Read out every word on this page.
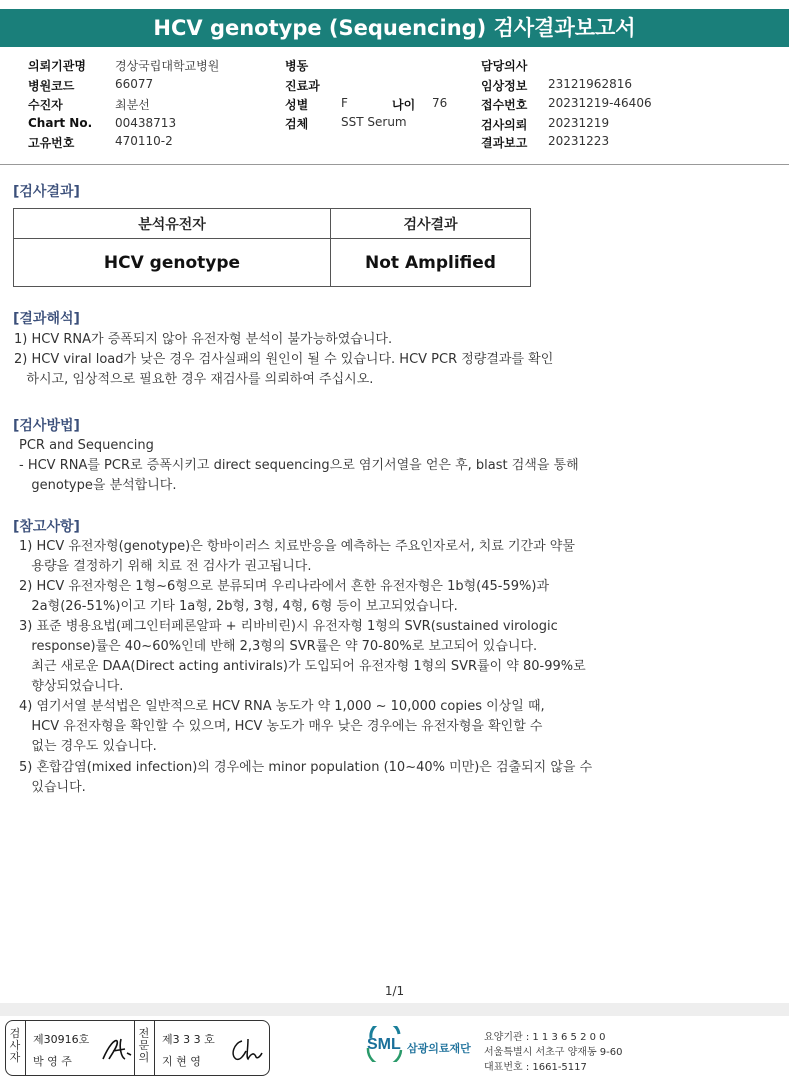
HCV genotype (Sequencing) 검사결과보고서
의뢰기관명 경상국립대학교병원
병원코드	66077
수진자	최분선
Chart No. 00438713
고유번호	470110-2
병동
진료과
성별	F	나이 76
검체	SST Serum
담당의사
임상정보 23121962816
접수번호 20231219-46406
검사의뢰 20231219
결과보고 20231223
[검사결과]
분석유전자	검사결과
HCV genotype	Not Amplified
[결과해석]
1) HCV RNA가 증폭되지 않아 유전자형 분석이 불가능하였습니다.
2) HCV viral load가 낮은 경우 검사실패의 원인이 될 수 있습니다. HCV PCR 정량결과를 확인
하시고, 임상적으로 필요한 경우 재검사를 의뢰하여 주십시오.
[검사방법]
PCR and Sequencing
- HCV RNA를 PCR로 증폭시키고 direct sequencing으로 염기서열을 얻은 후, blast 검색을 통해
genotype을 분석합니다.
[참고사항]
1) HCV 유전자형(genotype)은 항바이러스 치료반응을 예측하는 주요인자로서, 치료 기간과 약물
용량을 결정하기 위해 치료 전 검사가 권고됩니다.
2) HCV 유전자형은 1형~6형으로 분류되며 우리나라에서 흔한 유전자형은 1b형(45-59%)과
2a형(26-51%)이고 기타 1a형, 2b형, 3형, 4형, 6형 등이 보고되었습니다.
3) 표준 병용요법(페그인터페론알파 + 리바비린)시 유전자형 1형의 SVR(sustained virologic
response)률은 40~60%인데 반해 2,3형의 SVR률은 약 70-80%로 보고되어 있습니다.
최근 새로운 DAA(Direct acting antivirals)가 도입되어 유전자형 1형의 SVR률이 약 80-99%로
향상되었습니다.
4) 염기서열 분석법은 일반적으로 HCV RNA 농도가 약 1,000 ~ 10,000 copies 이상일 때,
HCV 유전자형을 확인할 수 있으며, HCV 농도가 매우 낮은 경우에는 유전자형을 확인할 수
없는 경우도 있습니다.
5) 혼합감염(mixed infection)의 경우에는 minor population (10~40% 미만)은 검출되지 않을 수
있습니다.
1/1
검사자
제30916호
박 영 주
전문의
제3 3 3 호
지 현 영
SML 삼광의료재단
요양기관 : 1 1 3 6 5 2 0 0
서울특별시 서초구 양재동 9-60
대표번호 : 1661-5117
